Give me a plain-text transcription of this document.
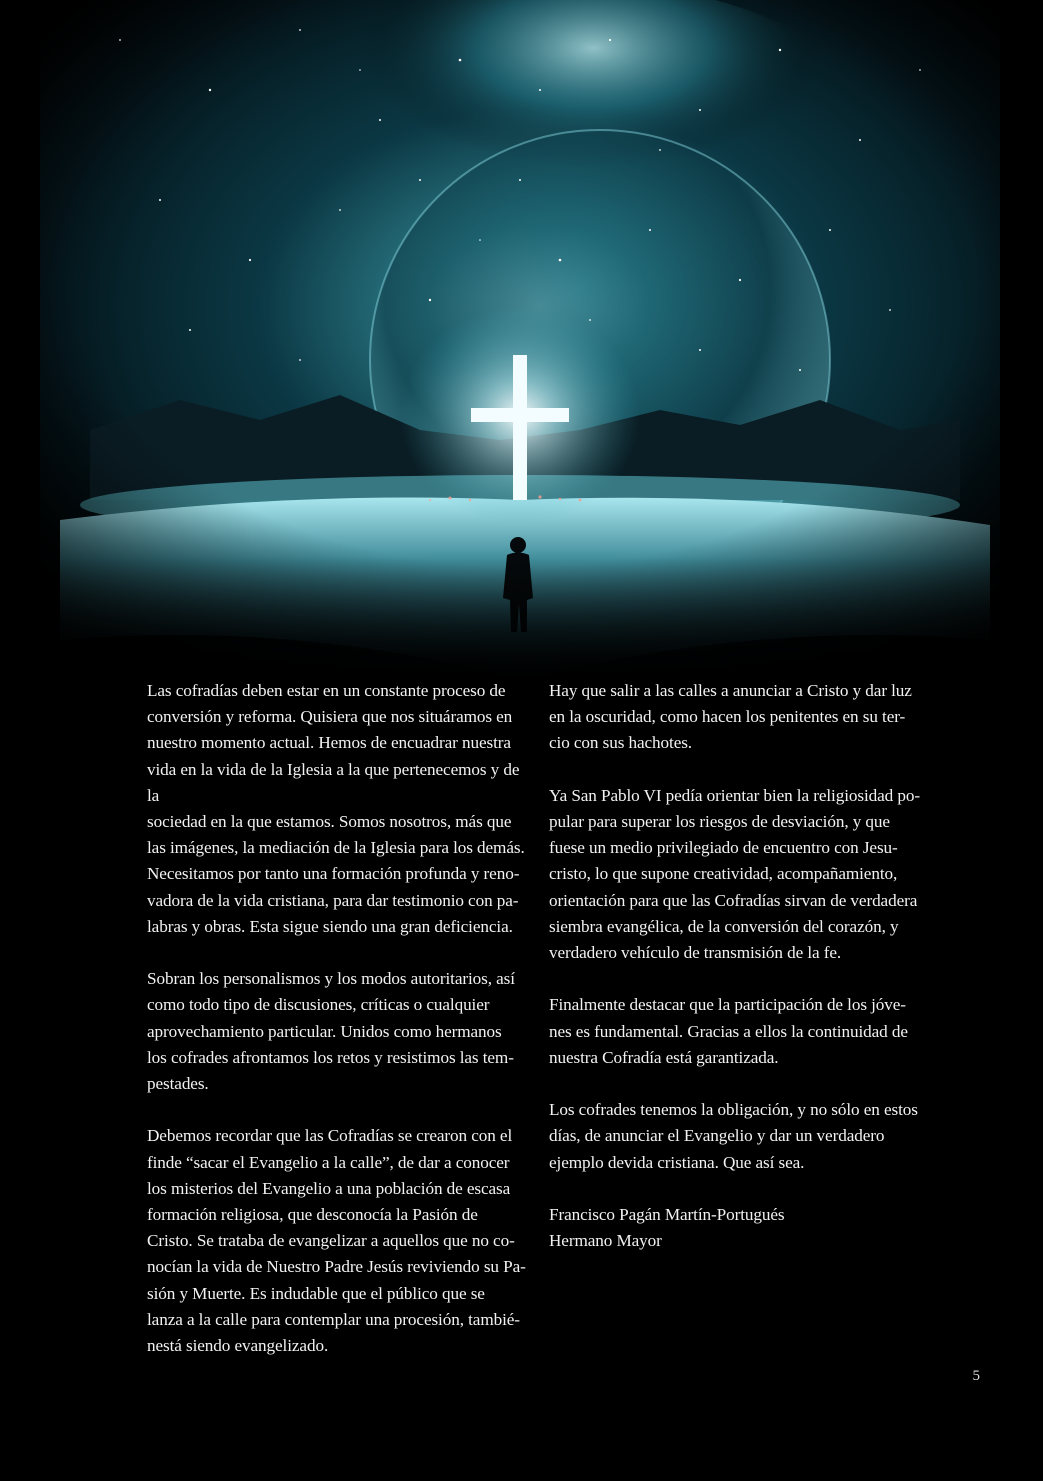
Las cofradías deben estar en un constante proceso de
conversión y reforma. Quisiera que nos situáramos en
nuestro momento actual. Hemos de encuadrar nuestra
vida en la vida de la Iglesia a la que pertenecemos y de la
sociedad en la que estamos. Somos nosotros, más que
las imágenes, la mediación de la Iglesia para los demás.
Necesitamos por tanto una formación profunda y reno-
vadora de la vida cristiana, para dar testimonio con pa-
labras y obras. Esta sigue siendo una gran deficiencia.

Sobran los personalismos y los modos autoritarios, así
como todo tipo de discusiones, críticas o cualquier
aprovechamiento particular. Unidos como hermanos
los cofrades afrontamos los retos y resistimos las tem-
pestades.

Debemos recordar que las Cofradías se crearon con el
finde “sacar el Evangelio a la calle”, de dar a conocer
los misterios del Evangelio a una población de escasa
formación religiosa, que desconocía la Pasión de
Cristo. Se trataba de evangelizar a aquellos que no co-
nocían la vida de Nuestro Padre Jesús reviviendo su Pa-
sión y Muerte. Es indudable que el público que se
lanza a la calle para contemplar una procesión, tambié-
nestá siendo evangelizado.

Hay que salir a las calles a anunciar a Cristo y dar luz
en la oscuridad, como hacen los penitentes en su ter-
cio con sus hachotes.

Ya San Pablo VI pedía orientar bien la religiosidad po-
pular para superar los riesgos de desviación, y que
fuese un medio privilegiado de encuentro con Jesu-
cristo, lo que supone creatividad, acompañamiento,
orientación para que las Cofradías sirvan de verdadera
siembra evangélica, de la conversión del corazón, y
verdadero vehículo de transmisión de la fe.

Finalmente destacar que la participación de los jóve-
nes es fundamental. Gracias a ellos la continuidad de
nuestra Cofradía está garantizada.

Los cofrades tenemos la obligación, y no sólo en estos
días, de anunciar el Evangelio y dar un verdadero
ejemplo devida cristiana. Que así sea.

Francisco Pagán Martín-Portugués

Hermano Mayor

5
